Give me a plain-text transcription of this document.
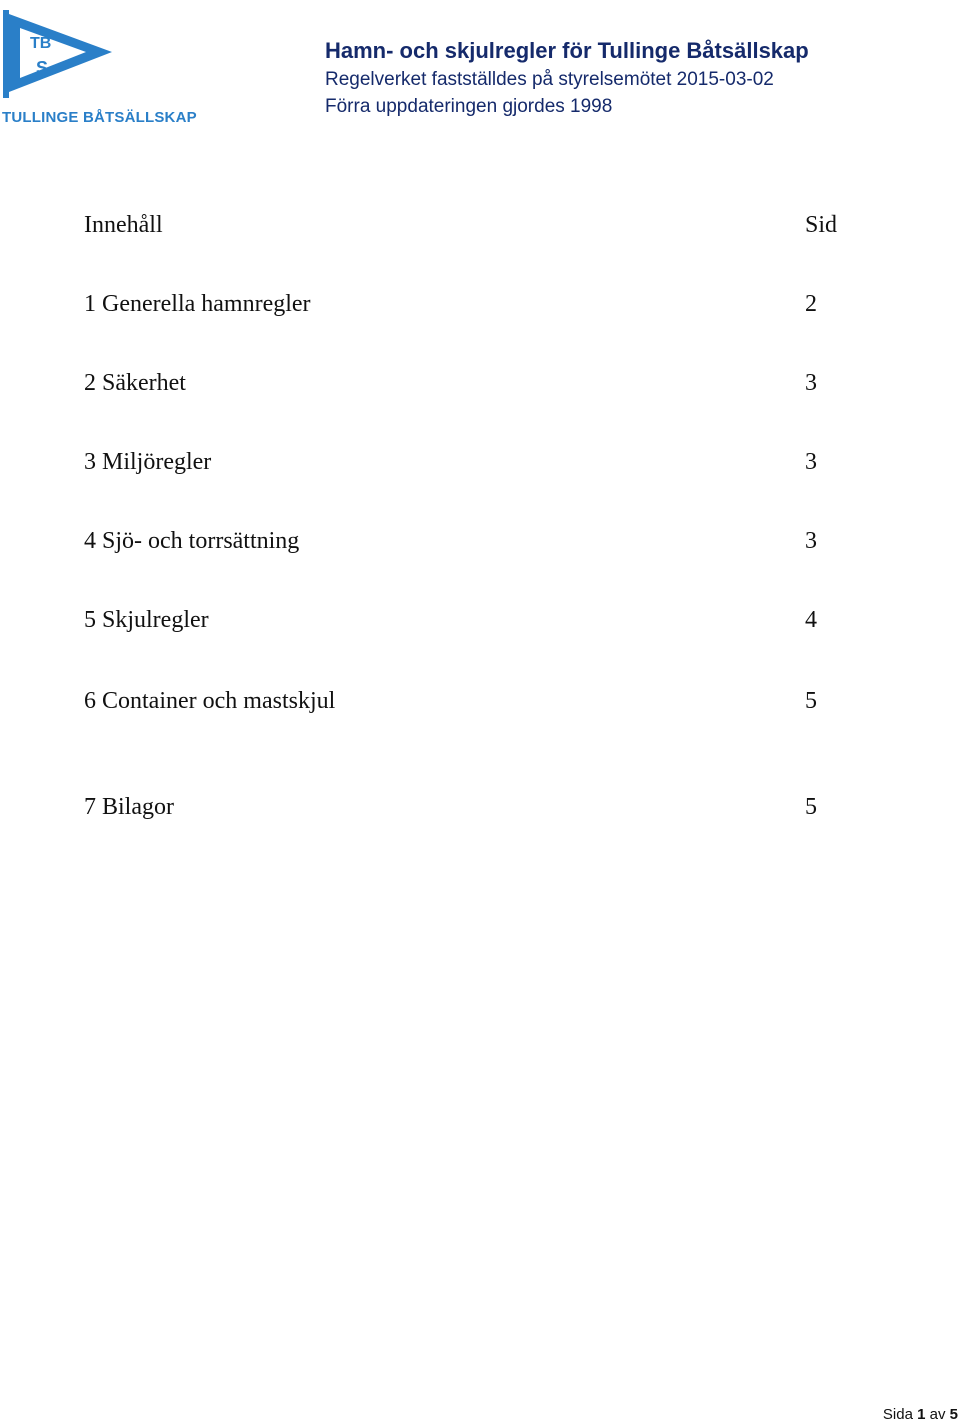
TB
S
TULLINGE BÅTSÄLLSKAP
Hamn- och skjulregler för Tullinge Båtsällskap
Regelverket fastställdes på styrelsemötet 2015-03-02
Förra uppdateringen gjordes 1998
Innehåll	Sid
1 Generella hamnregler	2
2 Säkerhet	3
3 Miljöregler	3
4 Sjö- och torrsättning	3
5 Skjulregler	4
6 Container och mastskjul	5
7 Bilagor	5
Sida 1 av 5
